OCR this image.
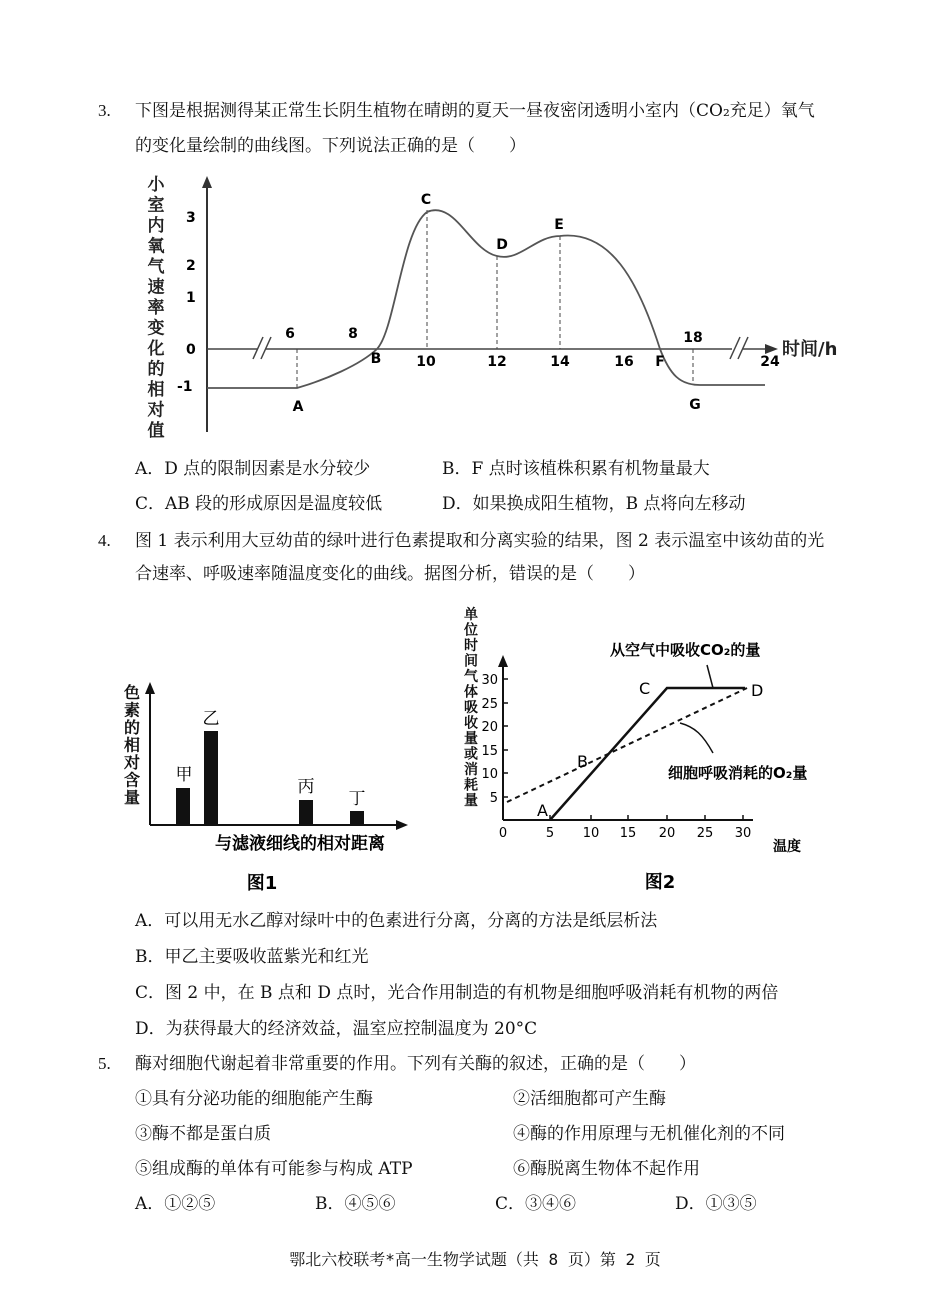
3. 下图是根据测得某正常生长阴生植物在晴朗的夏天一昼夜密闭透明小室内（CO₂充足）氧气
的变化量绘制的曲线图。下列说法正确的是（　　）
小
室
内
氧
气
速
率
变
化
的
相
对
值
时间/h
3
2
1
0
-1
6	8
10	12	14	16
18
24
A
B
C
D
E
F
G
A．D 点的限制因素是水分较少	B．F 点时该植株积累有机物量最大
C．AB 段的形成原因是温度较低	D．如果换成阳生植物，B 点将向左移动
4. 图 1 表示利用大豆幼苗的绿叶进行色素提取和分离实验的结果，图 2 表示温室中该幼苗的光
合速率、呼吸速率随温度变化的曲线。据图分析，错误的是（　　）
色
素
的
相
对
含
量
甲
乙
丙
丁
与滤液细线的相对距离
图1
单
位
时
间
气
体
吸
收
量
或
消
耗
量
30
25
20
15
10
5
0	5 10 15 20 25 30
温度
从空气中吸收CO₂的量
细胞呼吸消耗的O₂量
A
B
C	D
图2
A．可以用无水乙醇对绿叶中的色素进行分离，分离的方法是纸层析法
B．甲乙主要吸收蓝紫光和红光
C．图 2 中，在 B 点和 D 点时，光合作用制造的有机物是细胞呼吸消耗有机物的两倍
D．为获得最大的经济效益，温室应控制温度为 20°C
5. 酶对细胞代谢起着非常重要的作用。下列有关酶的叙述，正确的是（　　）
①具有分泌功能的细胞能产生酶	②活细胞都可产生酶
③酶不都是蛋白质	④酶的作用原理与无机催化剂的不同
⑤组成酶的单体有可能参与构成 ATP	⑥酶脱离生物体不起作用
A．①②⑤	B．④⑤⑥	C．③④⑥	D．①③⑤
鄂北六校联考*高一生物学试题（共 8 页）第 2 页
